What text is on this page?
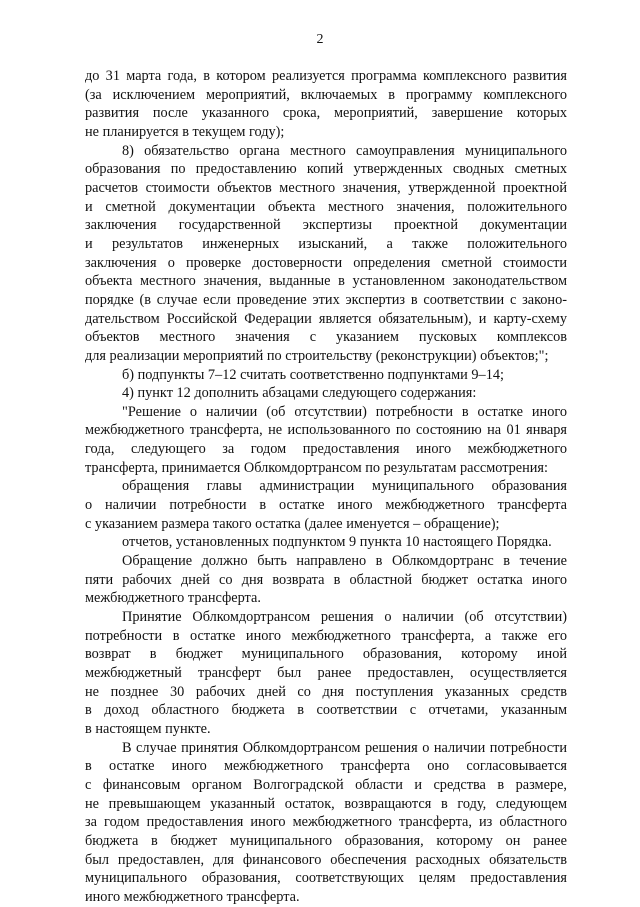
2

до 31 марта года, в котором реализуется программа комплексного развития

(за исключением мероприятий, включаемых в программу комплексного

развития после указанного срока, мероприятий, завершение которых

не планируется в текущем году);

8) обязательство органа местного самоуправления муниципального

образования по предоставлению копий утвержденных сводных сметных

расчетов стоимости объектов местного значения, утвержденной проектной

и сметной документации объекта местного значения, положительного

заключения государственной экспертизы проектной документации

и результатов инженерных изысканий, а также положительного

заключения о проверке достоверности определения сметной стоимости

объекта местного значения, выданные в установленном законодательством

порядке (в случае если проведение этих экспертиз в соответствии с законо-

дательством Российской Федерации является обязательным), и карту-схему

объектов местного значения с указанием пусковых комплексов

для реализации мероприятий по строительству (реконструкции) объектов;";

б) подпункты 7–12 считать соответственно подпунктами 9–14;

4) пункт 12 дополнить абзацами следующего содержания:

"Решение о наличии (об отсутствии) потребности в остатке иного

межбюджетного трансферта, не использованного по состоянию на 01 января

года, следующего за годом предоставления иного межбюджетного

трансферта, принимается Облкомдортрансом по результатам рассмотрения:

обращения главы администрации муниципального образования

о наличии потребности в остатке иного межбюджетного трансферта

с указанием размера такого остатка (далее именуется – обращение);

отчетов, установленных подпунктом 9 пункта 10 настоящего Порядка.

Обращение должно быть направлено в Облкомдортранс в течение

пяти рабочих дней со дня возврата в областной бюджет остатка иного

межбюджетного трансферта.

Принятие Облкомдортрансом решения о наличии (об отсутствии)

потребности в остатке иного межбюджетного трансферта, а также его

возврат в бюджет муниципального образования, которому иной

межбюджетный трансферт был ранее предоставлен, осуществляется

не позднее 30 рабочих дней со дня поступления указанных средств

в доход областного бюджета в соответствии с отчетами, указанным

в настоящем пункте.

В случае принятия Облкомдортрансом решения о наличии потребности

в остатке иного межбюджетного трансферта оно согласовывается

с финансовым органом Волгоградской области и средства в размере,

не превышающем указанный остаток, возвращаются в году, следующем

за годом предоставления иного межбюджетного трансферта, из областного

бюджета в бюджет муниципального образования, которому он ранее

был предоставлен, для финансового обеспечения расходных обязательств

муниципального образования, соответствующих целям предоставления

иного межбюджетного трансферта.
